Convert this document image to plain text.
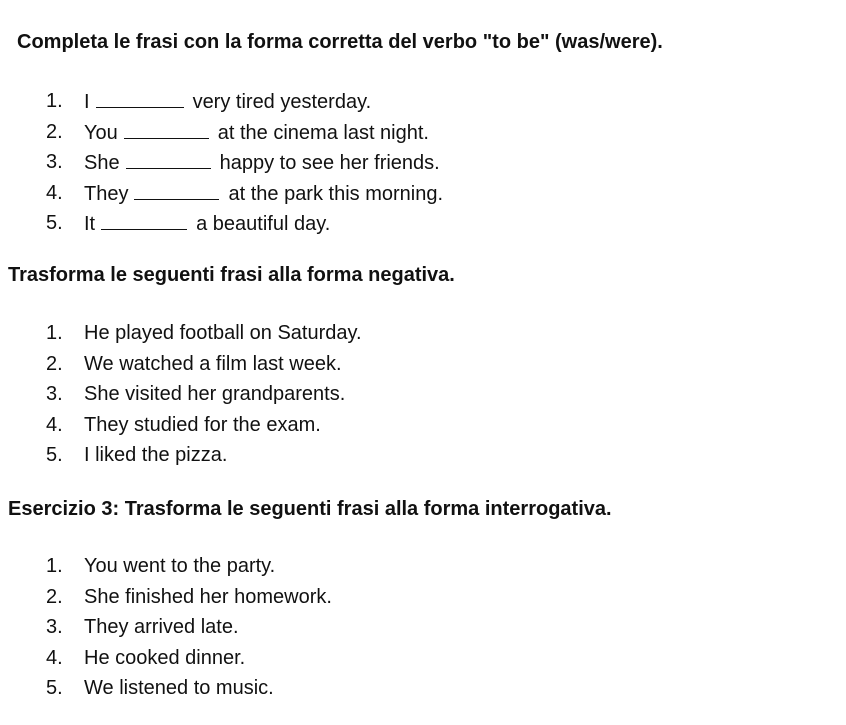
Completa le frasi con la forma corretta del verbo "to be" (was/were).
1.	I	very tired yesterday.
2.	You	at the cinema last night.
3.	She	happy to see her friends.
4.	They	at the park this morning.
5.	It	a beautiful day.
Trasforma le seguenti frasi alla forma negativa.
1.	He played football on Saturday.
2.	We watched a film last week.
3.	She visited her grandparents.
4.	They studied for the exam.
5.	I liked the pizza.
Esercizio 3: Trasforma le seguenti frasi alla forma interrogativa.
1.	You went to the party.
2.	She finished her homework.
3.	They arrived late.
4.	He cooked dinner.
5.	We listened to music.
